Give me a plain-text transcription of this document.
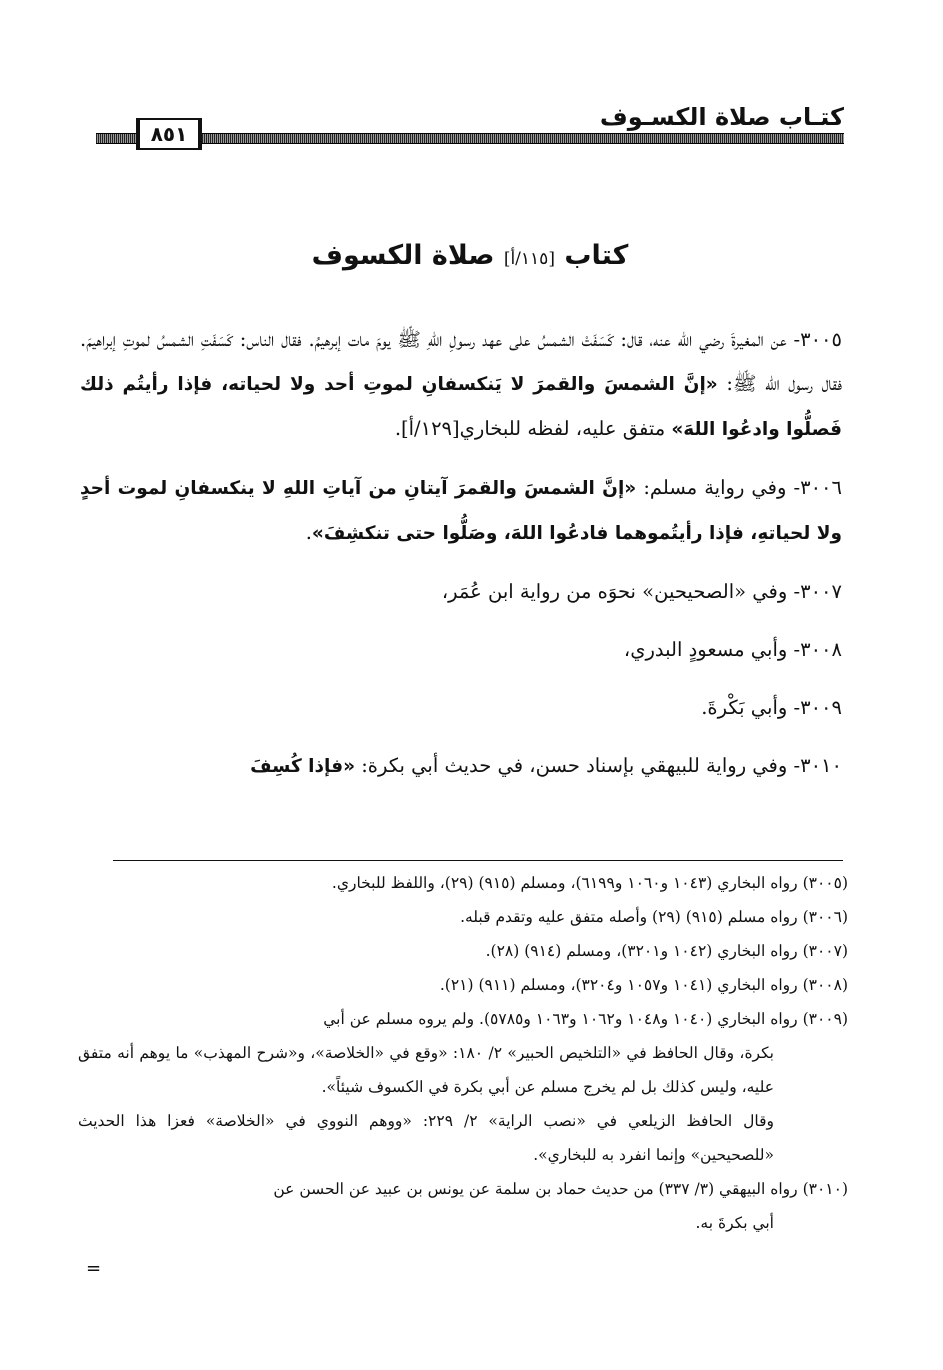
كتـاب صلاة الكسـوف
٨٥١
كتاب [١١٥/أ] صلاة الكسوف

٣٠٠٥- عن المغيرةَ رضي الله عنه، قال: كَسَفَتْ الشمسُ على عهد رسولِ اللهِ ﷺ يومَ مات إبرهيمُ. فقال الناس: كَسَفَتِ الشمسُ لموتِ إبراهيمَ. فقال رسول الله ﷺ: «إنَّ الشمسَ والقمرَ لا يَنكسفانِ لموتِ أحد ولا لحياته، فإذا رأيتُم ذلك فَصلُّوا وادعُوا اللهَ» متفق عليه، لفظه للبخاري[١٢٩/أ].

٣٠٠٦- وفي رواية مسلم: «إنَّ الشمسَ والقمرَ آيتانِ من آياتِ اللهِ لا ينكسفانِ لموت أحدٍ ولا لحياتهِ، فإذا رأيتُموهما فادعُوا اللهَ، وصَلُّوا حتى تنكشِفَ».

٣٠٠٧- وفي «الصحيحين» نحوَه من رواية ابن عُمَر،

٣٠٠٨- وأبي مسعودٍ البدري،

٣٠٠٩- وأبي بَكْرةَ.

٣٠١٠- وفي رواية للبيهقي بإسناد حسن، في حديث أبي بكرة: «فإذا كُسِفَ

(٣٠٠٥) رواه البخاري (١٠٤٣ و١٠٦٠ و٦١٩٩)، ومسلم (٩١٥) (٢٩)، واللفظ للبخاري.
(٣٠٠٦) رواه مسلم (٩١٥) (٢٩) وأصله متفق عليه وتقدم قبله.
(٣٠٠٧) رواه البخاري (١٠٤٢ و٣٢٠١)، ومسلم (٩١٤) (٢٨).
(٣٠٠٨) رواه البخاري (١٠٤١ و١٠٥٧ و٣٢٠٤)، ومسلم (٩١١) (٢١).
(٣٠٠٩) رواه البخاري (١٠٤٠ و١٠٤٨ و١٠٦٢ و١٠٦٣ و٥٧٨٥). ولم يروه مسلم عن أبي
بكرة، وقال الحافظ في «التلخيص الحبير» ٢/ ١٨٠: «وقع في «الخلاصة»، و«شرح المهذب» ما يوهم أنه متفق عليه، وليس كذلك بل لم يخرج مسلم عن أبي بكرة في الكسوف شيئاً».
وقال الحافظ الزيلعي في «نصب الراية» ٢/ ٢٢٩: «ووهم النووي في «الخلاصة» فعزا هذا الحديث «للصحيحين» وإنما انفرد به للبخاري».
(٣٠١٠) رواه البيهقي (٣/ ٣٣٧) من حديث حماد بن سلمة عن يونس بن عبيد عن الحسن عن
أبي بكرةَ به.
=
